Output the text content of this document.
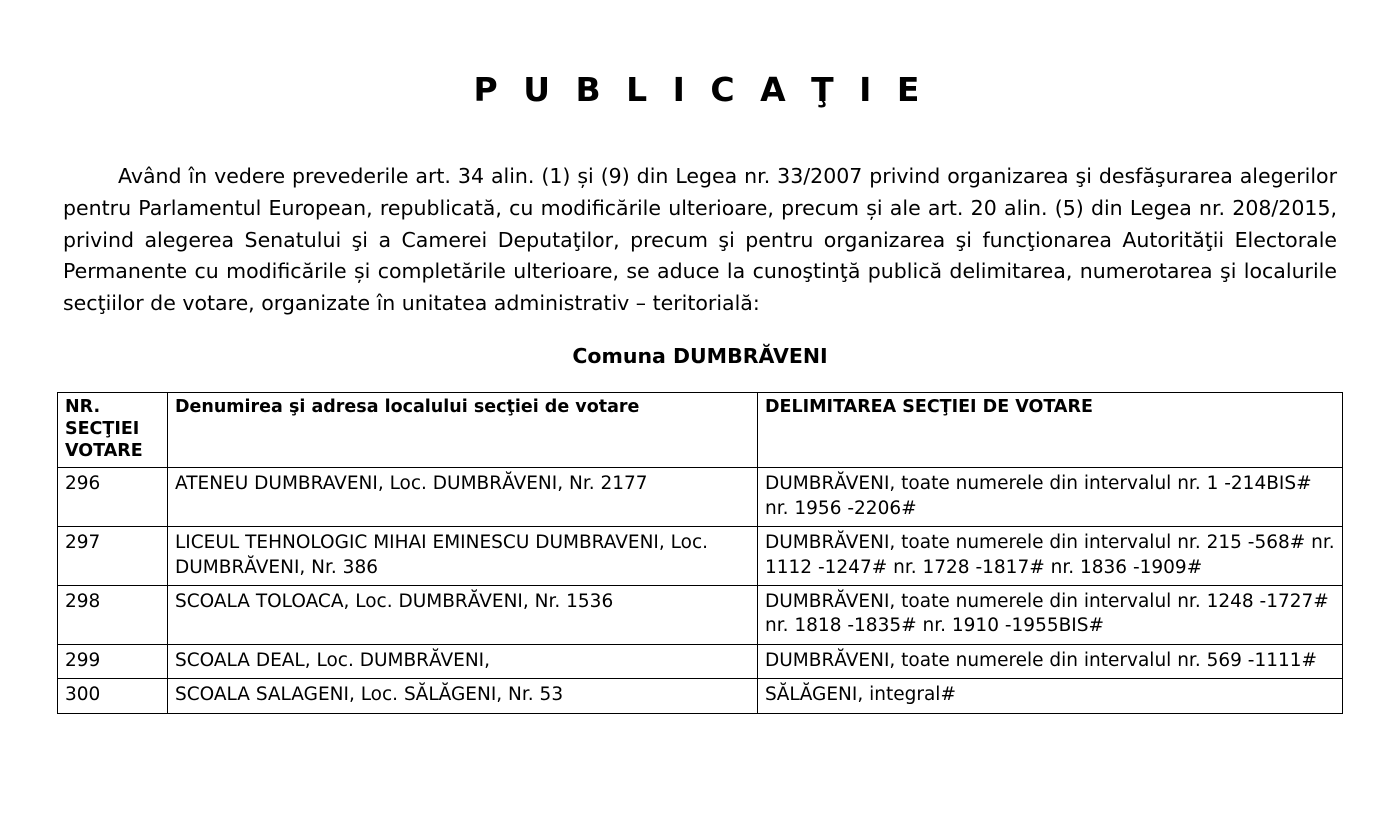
P U B L I C A Ţ I E

Având în vedere prevederile art. 34 alin. (1) și (9) din Legea nr. 33/2007 privind organizarea şi desfăşurarea alegerilor pentru Parlamentul European, republicată, cu modificările ulterioare, precum și ale art. 20 alin. (5) din Legea nr. 208/2015, privind alegerea Senatului şi a Camerei Deputaţilor, precum şi pentru organizarea şi funcţionarea Autorităţii Electorale Permanente cu modificările și completările ulterioare, se aduce la cunoştinţă publică delimitarea, numerotarea şi localurile secţiilor de votare, organizate în unitatea administrativ – teritorială:

Comuna DUMBRĂVENI

NR. SECŢIEI VOTARE	Denumirea şi adresa localului secţiei de votare	DELIMITAREA SECŢIEI DE VOTARE
296	ATENEU DUMBRAVENI, Loc. DUMBRĂVENI, Nr. 2177	DUMBRĂVENI, toate numerele din intervalul nr. 1 -214BIS# nr. 1956 -2206#
297	LICEUL TEHNOLOGIC MIHAI EMINESCU DUMBRAVENI, Loc. DUMBRĂVENI, Nr. 386	DUMBRĂVENI, toate numerele din intervalul nr. 215 -568# nr. 1112 -1247# nr. 1728 -1817# nr. 1836 -1909#
298	SCOALA TOLOACA, Loc. DUMBRĂVENI, Nr. 1536	DUMBRĂVENI, toate numerele din intervalul nr. 1248 -1727# nr. 1818 -1835# nr. 1910 -1955BIS#
299	SCOALA DEAL, Loc. DUMBRĂVENI,	DUMBRĂVENI, toate numerele din intervalul nr. 569 -1111#
300	SCOALA SALAGENI, Loc. SĂLĂGENI, Nr. 53	SĂLĂGENI, integral#
